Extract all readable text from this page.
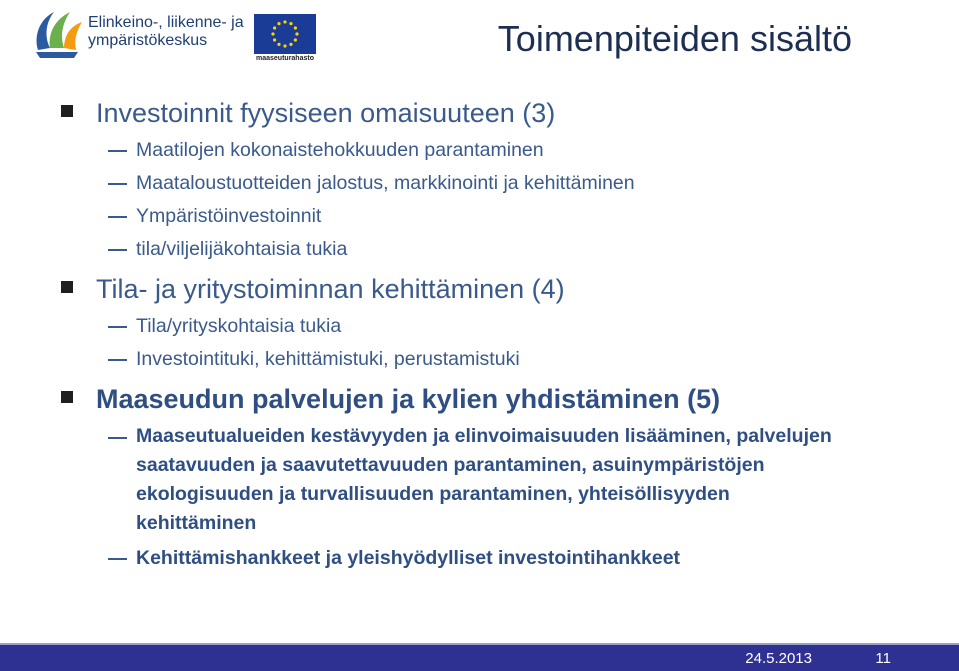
Elinkeino-, liikenne- ja
ympäristökeskus
maaseuturahasto	Toimenpiteiden sisältö
Investoinnit fyysiseen omaisuuteen (3)
Maatilojen kokonaistehokkuuden parantaminen
Maataloustuotteiden jalostus, markkinointi ja kehittäminen
Ympäristöinvestoinnit
tila/viljelijäkohtaisia tukia
Tila- ja yritystoiminnan kehittäminen (4)
Tila/yrityskohtaisia tukia
Investointituki, kehittämistuki, perustamistuki
Maaseudun palvelujen ja kylien yhdistäminen (5)
Maaseutualueiden kestävyyden ja elinvoimaisuuden lisääminen, palvelujen saatavuuden ja saavutettavuuden parantaminen, asuinympäristöjen ekologisuuden ja turvallisuuden parantaminen, yhteisöllisyyden kehittäminen
Kehittämishankkeet ja yleishyödylliset investointihankkeet
24.5.2013	11
